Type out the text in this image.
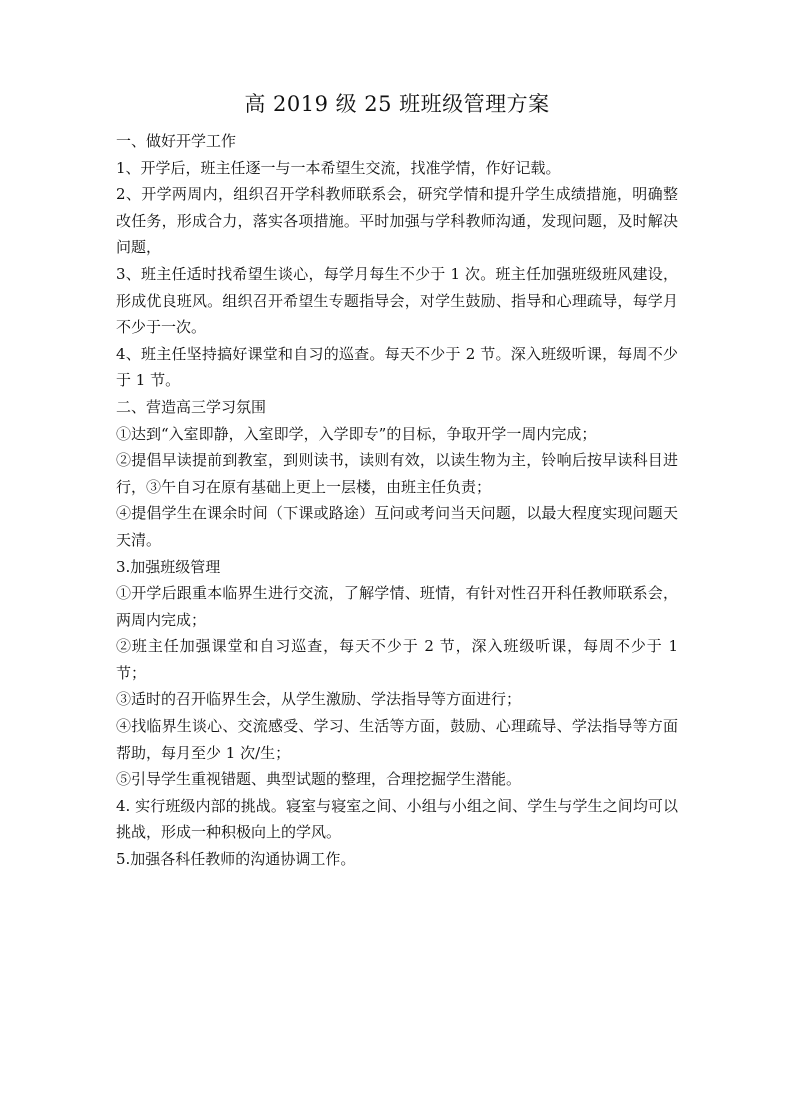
高 2019 级 25 班班级管理方案

一、做好开学工作

1、开学后，班主任逐一与一本希望生交流，找准学情，作好记载。

2、开学两周内，组织召开学科教师联系会，研究学情和提升学生成绩措施，明确整改任务，形成合力，落实各项措施。平时加强与学科教师沟通，发现问题，及时解决问题，

3、班主任适时找希望生谈心，每学月每生不少于 1 次。班主任加强班级班风建设，形成优良班风。组织召开希望生专题指导会，对学生鼓励、指导和心理疏导，每学月不少于一次。

4、班主任坚持搞好课堂和自习的巡查。每天不少于 2 节。深入班级听课，每周不少于 1 节。

二、营造高三学习氛围

①达到“入室即静，入室即学，入学即专”的目标，争取开学一周内完成；

②提倡早读提前到教室，到则读书，读则有效，以读生物为主，铃响后按早读科目进行，③午自习在原有基础上更上一层楼，由班主任负责；

④提倡学生在课余时间（下课或路途）互问或考问当天问题，以最大程度实现问题天天清。

3.加强班级管理

①开学后跟重本临界生进行交流，了解学情、班情，有针对性召开科任教师联系会，两周内完成；

②班主任加强课堂和自习巡查，每天不少于 2 节，深入班级听课，每周不少于 1 节；

③适时的召开临界生会，从学生激励、学法指导等方面进行；

④找临界生谈心、交流感受、学习、生活等方面，鼓励、心理疏导、学法指导等方面帮助，每月至少 1 次/生；

⑤引导学生重视错题、典型试题的整理，合理挖掘学生潜能。

4. 实行班级内部的挑战。寝室与寝室之间、小组与小组之间、学生与学生之间均可以挑战，形成一种积极向上的学风。

5.加强各科任教师的沟通协调工作。
